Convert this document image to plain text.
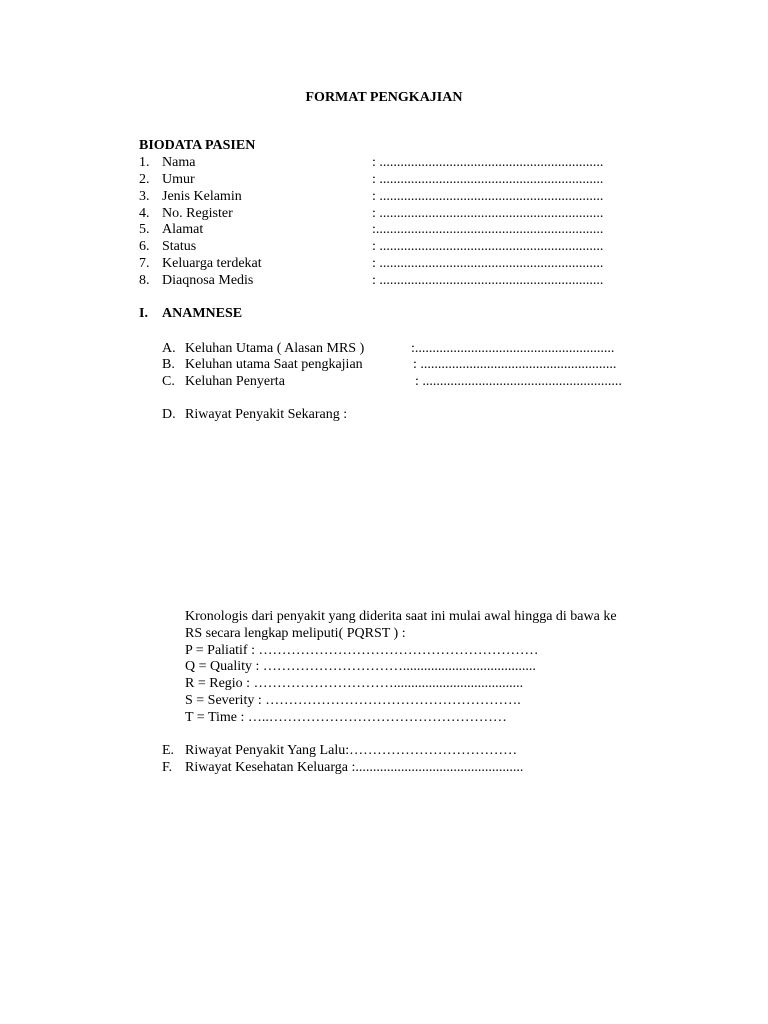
FORMAT PENGKAJIAN
BIODATA PASIEN
1. Nama	: ................................................................
2. Umur	: ................................................................
3. Jenis Kelamin	: ................................................................
4. No. Register	: ................................................................
5. Alamat	:.................................................................
6. Status	: ................................................................
7. Keluarga terdekat	: ................................................................
8. Diaqnosa Medis	: ................................................................
I. ANAMNESE
A. Keluhan Utama ( Alasan MRS )	:.........................................................
B. Keluhan utama Saat pengkajian	: ........................................................
C. Keluhan Penyerta	: .........................................................
D. Riwayat Penyakit Sekarang :
Kronologis dari penyakit yang diderita saat ini mulai awal hingga di bawa ke
RS secara lengkap meliputi( PQRST ) :
P = Paliatif : ……………………………………………………
Q = Quality : …………………………......................................
R = Regio : ………………………….....................................
S = Severity : ……………………………………………….
T = Time : …..……………………………………………
E. Riwayat Penyakit Yang Lalu:………………………………
F. Riwayat Kesehatan Keluarga :................................................
